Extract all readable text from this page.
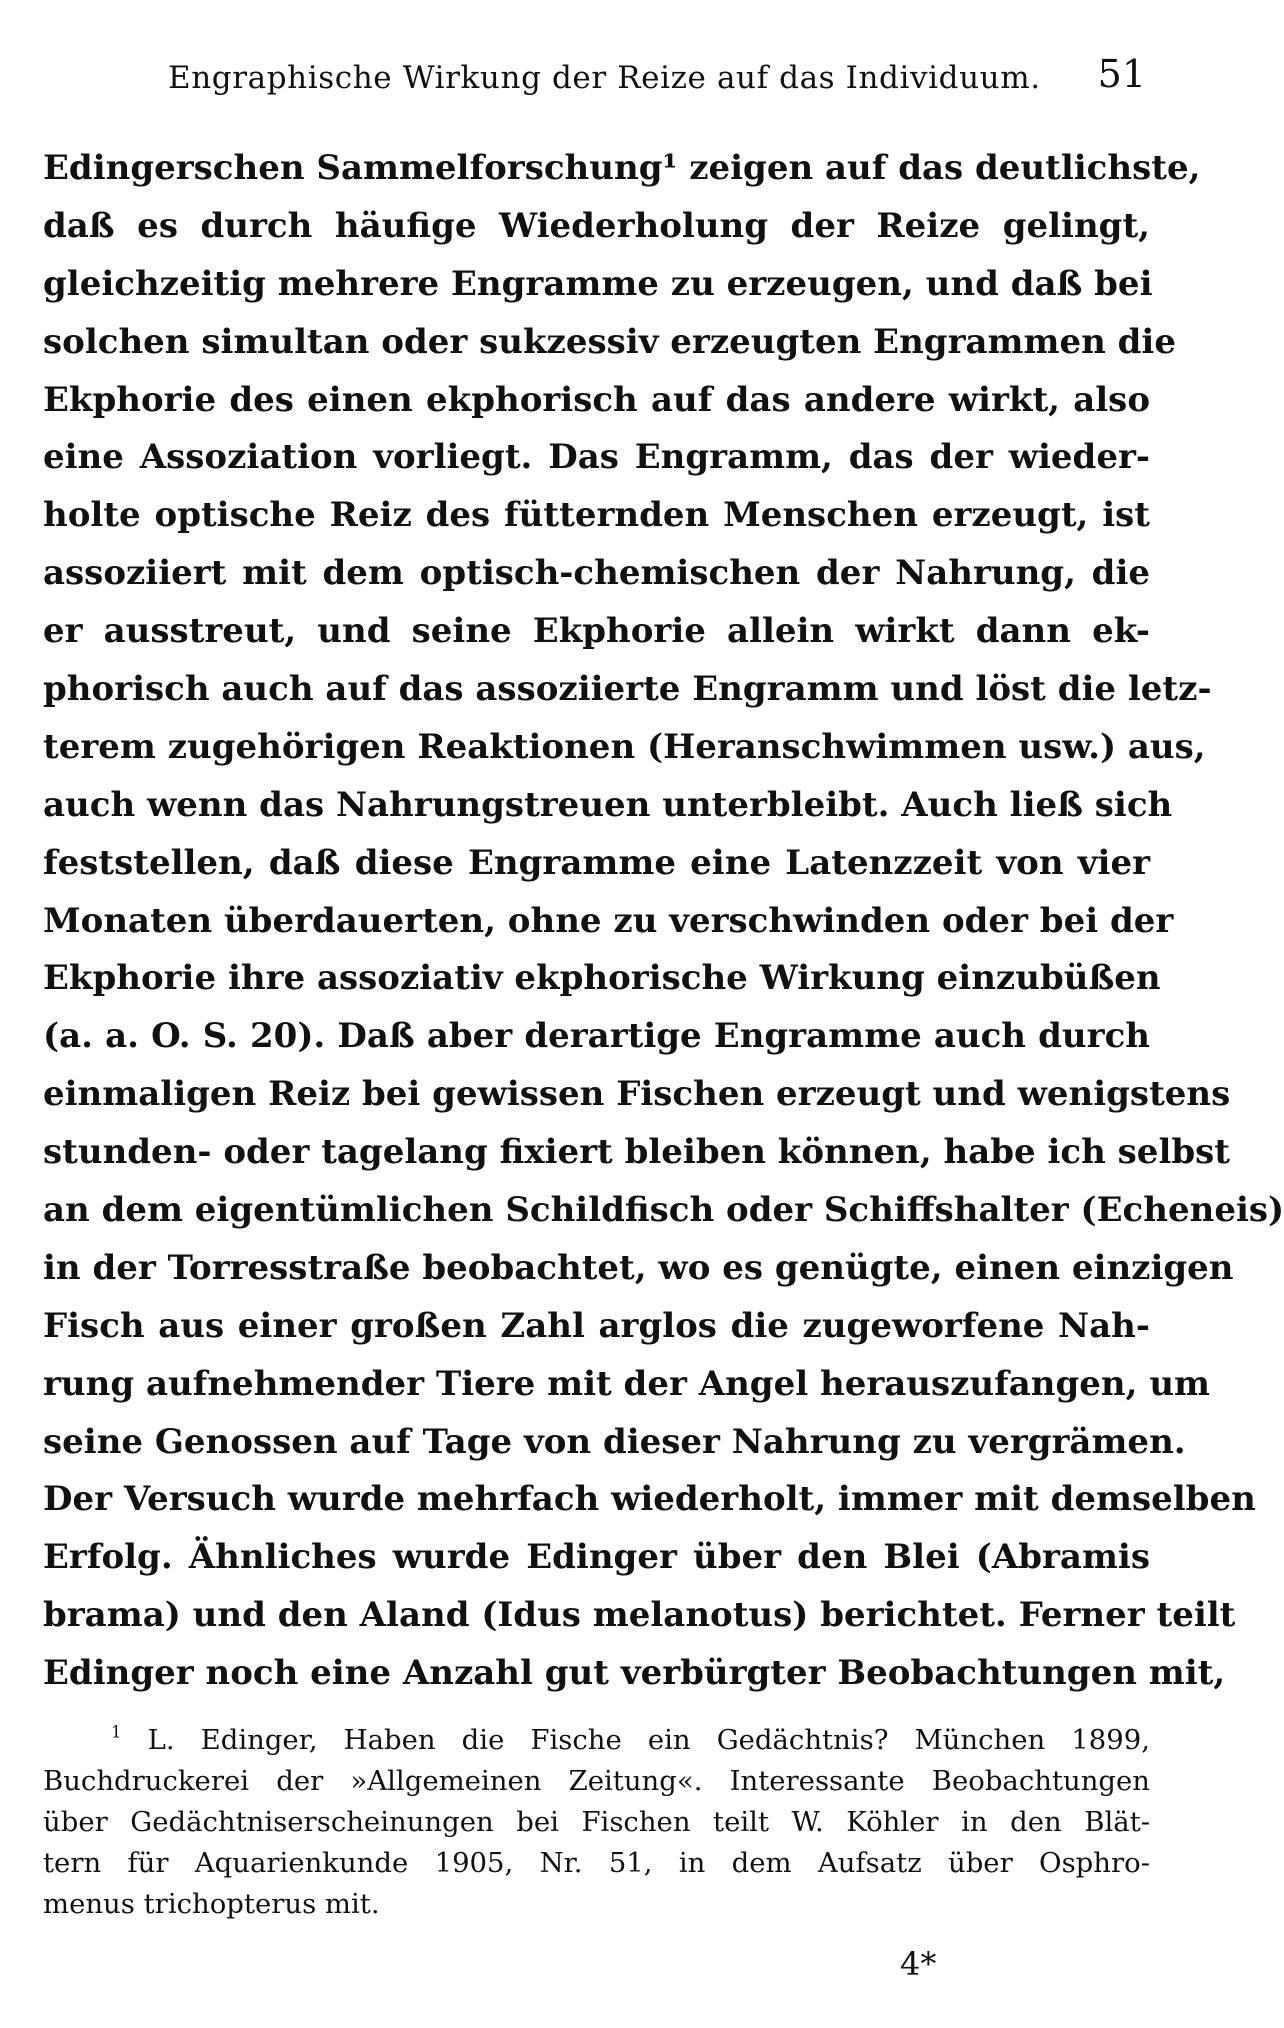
Engraphische Wirkung der Reize auf das Individuum. 51
Edingerschen Sammelforschung¹ zeigen auf das deutlichste,
daß es durch häufige Wiederholung der Reize gelingt,
gleichzeitig mehrere Engramme zu erzeugen, und daß bei
solchen simultan oder sukzessiv erzeugten Engrammen die
Ekphorie des einen ekphorisch auf das andere wirkt, also
eine Assoziation vorliegt. Das Engramm, das der wieder-
holte optische Reiz des fütternden Menschen erzeugt, ist
assoziiert mit dem optisch-chemischen der Nahrung, die
er ausstreut, und seine Ekphorie allein wirkt dann ek-
phorisch auch auf das assoziierte Engramm und löst die letz-
terem zugehörigen Reaktionen (Heranschwimmen usw.) aus,
auch wenn das Nahrungstreuen unterbleibt. Auch ließ sich
feststellen, daß diese Engramme eine Latenzzeit von vier
Monaten überdauerten, ohne zu verschwinden oder bei der
Ekphorie ihre assoziativ ekphorische Wirkung einzubüßen
(a. a. O. S. 20). Daß aber derartige Engramme auch durch
einmaligen Reiz bei gewissen Fischen erzeugt und wenigstens
stunden- oder tagelang fixiert bleiben können, habe ich selbst
an dem eigentümlichen Schildfisch oder Schiffshalter (Echeneis)
in der Torresstraße beobachtet, wo es genügte, einen einzigen
Fisch aus einer großen Zahl arglos die zugeworfene Nah-
rung aufnehmender Tiere mit der Angel herauszufangen, um
seine Genossen auf Tage von dieser Nahrung zu vergrämen.
Der Versuch wurde mehrfach wiederholt, immer mit demselben
Erfolg. Ähnliches wurde Edinger über den Blei (Abramis
brama) und den Aland (Idus melanotus) berichtet. Ferner teilt
Edinger noch eine Anzahl gut verbürgter Beobachtungen mit,
$^1$ L. Edinger, Haben die Fische ein Gedächtnis? München 1899,
Buchdruckerei der »Allgemeinen Zeitung«. Interessante Beobachtungen
über Gedächtniserscheinungen bei Fischen teilt W. Köhler in den Blät-
tern für Aquarienkunde 1905, Nr. 51, in dem Aufsatz über Osphro-
menus trichopterus mit.
4*
